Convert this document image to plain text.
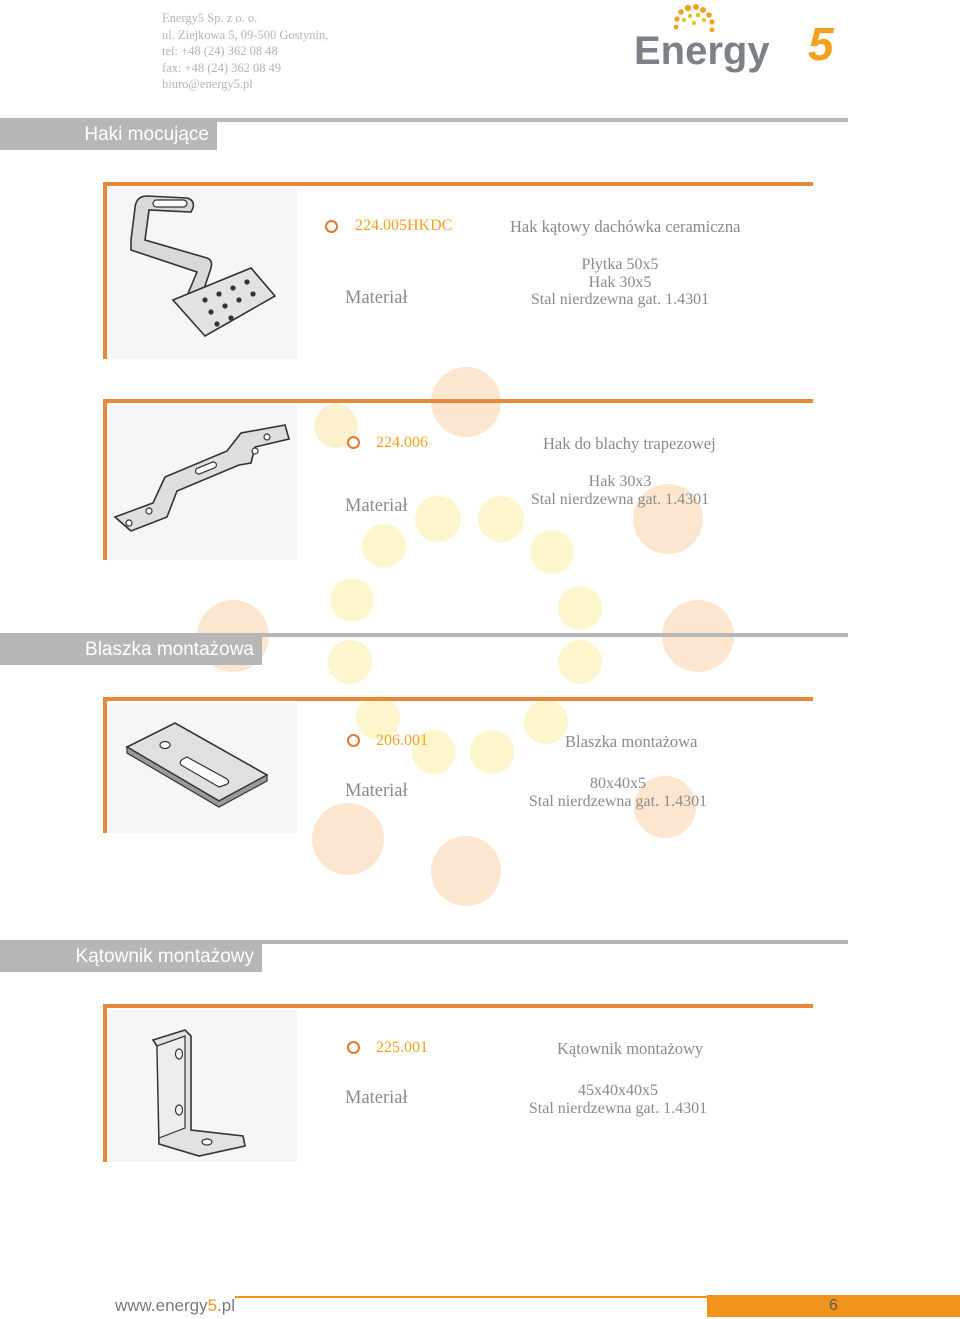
Energy5 Sp. z o. o.
ul. Ziejkowa 5, 09-500 Gostynin,
tel: +48 (24) 362 08 48
fax: +48 (24) 362 08 49
biuro@energy5.pl
Energy 5
Haki mocujące
224.005HKDC	Hak kątowy dachówka ceramiczna
Materiał
Płytka 50x5
Hak 30x5
Stal nierdzewna gat. 1.4301
224.006	Hak do blachy trapezowej
Materiał
Hak 30x3
Stal nierdzewna gat. 1.4301
Blaszka montażowa
206.001	Blaszka montażowa
Materiał	80x40x5
Stal nierdzewna gat. 1.4301
Kątownik montażowy
225.001	Kątownik montażowy
Materiał	45x40x40x5
Stal nierdzewna gat. 1.4301
www.energy5.pl	6
